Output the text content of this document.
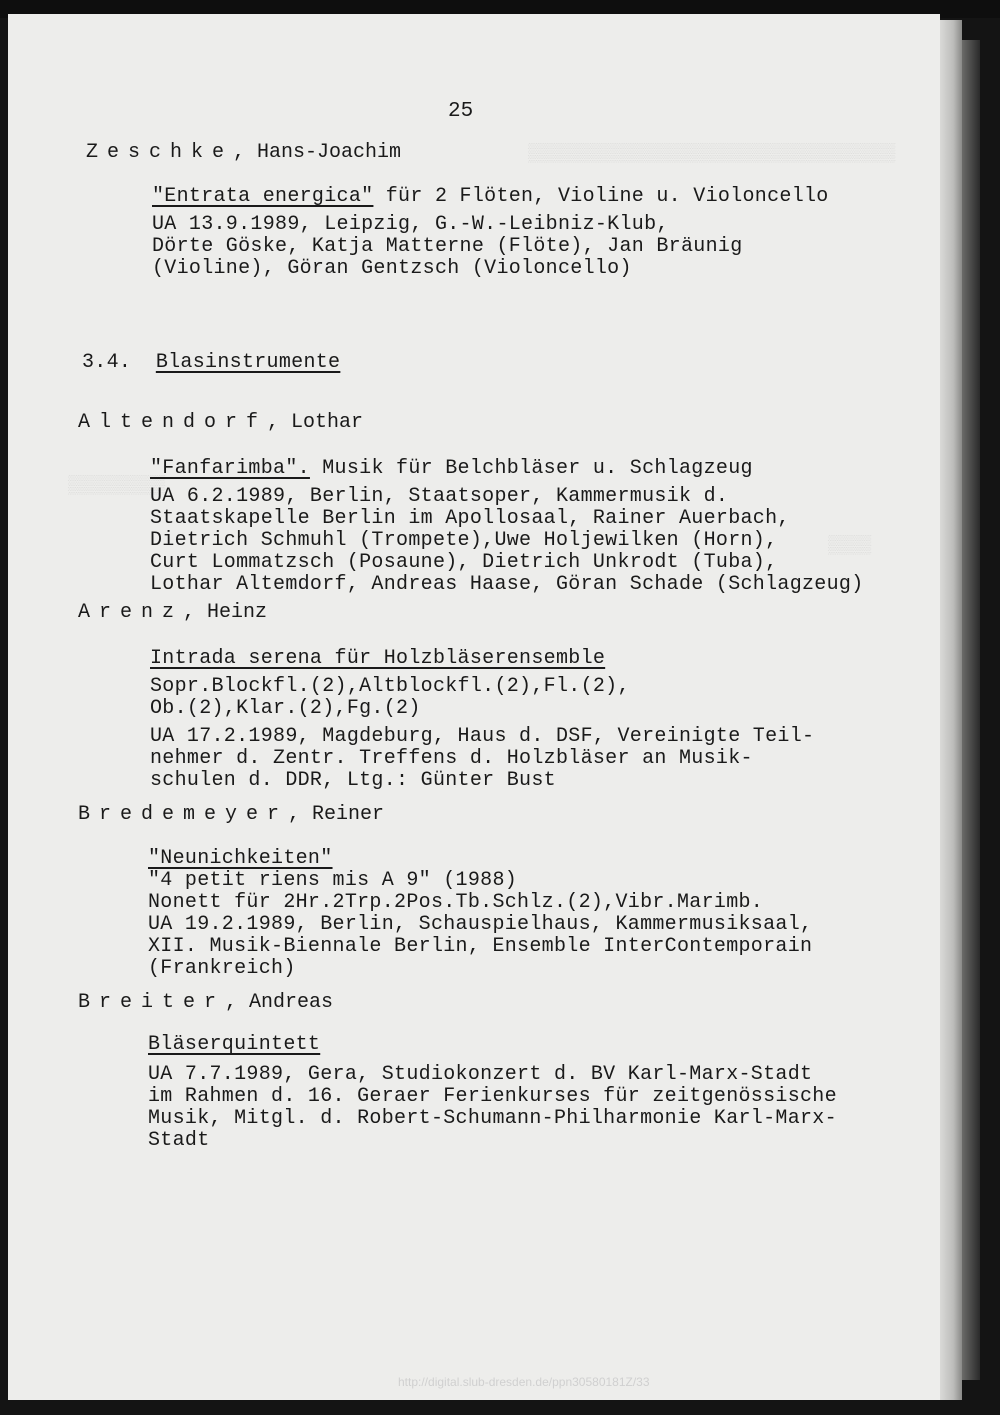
▒▒▒▒▒▒▒▒▒▒▒▒▒▒▒▒▒▒▒▒▒▒▒▒▒▒▒▒▒▒▒▒▒▒
▒▒▒▒▒▒▒▒▒
▒▒▒▒
25
Zeschke, Hans-Joachim
"Entrata energica" für 2 Flöten, Violine u. Violoncello
UA 13.9.1989, Leipzig, G.-W.-Leibniz-Klub,
Dörte Göske, Katja Matterne (Flöte), Jan Bräunig
(Violine), Göran Gentzsch (Violoncello)
3.4. Blasinstrumente
Altendorf, Lothar
"Fanfarimba". Musik für Belchbläser u. Schlagzeug
UA 6.2.1989, Berlin, Staatsoper, Kammermusik d.
Staatskapelle Berlin im Apollosaal, Rainer Auerbach,
Dietrich Schmuhl (Trompete),Uwe Holjewilken (Horn),
Curt Lommatzsch (Posaune), Dietrich Unkrodt (Tuba),
Lothar Altemdorf, Andreas Haase, Göran Schade (Schlagzeug)
Arenz, Heinz
Intrada serena für Holzbläserensemble
Sopr.Blockfl.(2),Altblockfl.(2),Fl.(2),
Ob.(2),Klar.(2),Fg.(2)
UA 17.2.1989, Magdeburg, Haus d. DSF, Vereinigte Teil-
nehmer d. Zentr. Treffens d. Holzbläser an Musik-
schulen d. DDR, Ltg.: Günter Bust
Bredemeyer, Reiner
"Neunichkeiten"
"4 petit riens mis A 9" (1988)
Nonett für 2Hr.2Trp.2Pos.Tb.Schlz.(2),Vibr.Marimb.
UA 19.2.1989, Berlin, Schauspielhaus, Kammermusiksaal,
XII. Musik-Biennale Berlin, Ensemble InterContemporain
(Frankreich)
Breiter, Andreas
Bläserquintett
UA 7.7.1989, Gera, Studiokonzert d. BV Karl-Marx-Stadt
im Rahmen d. 16. Geraer Ferienkurses für zeitgenössische
Musik, Mitgl. d. Robert-Schumann-Philharmonie Karl-Marx-
Stadt
http://digital.slub-dresden.de/ppn30580181Z/33
